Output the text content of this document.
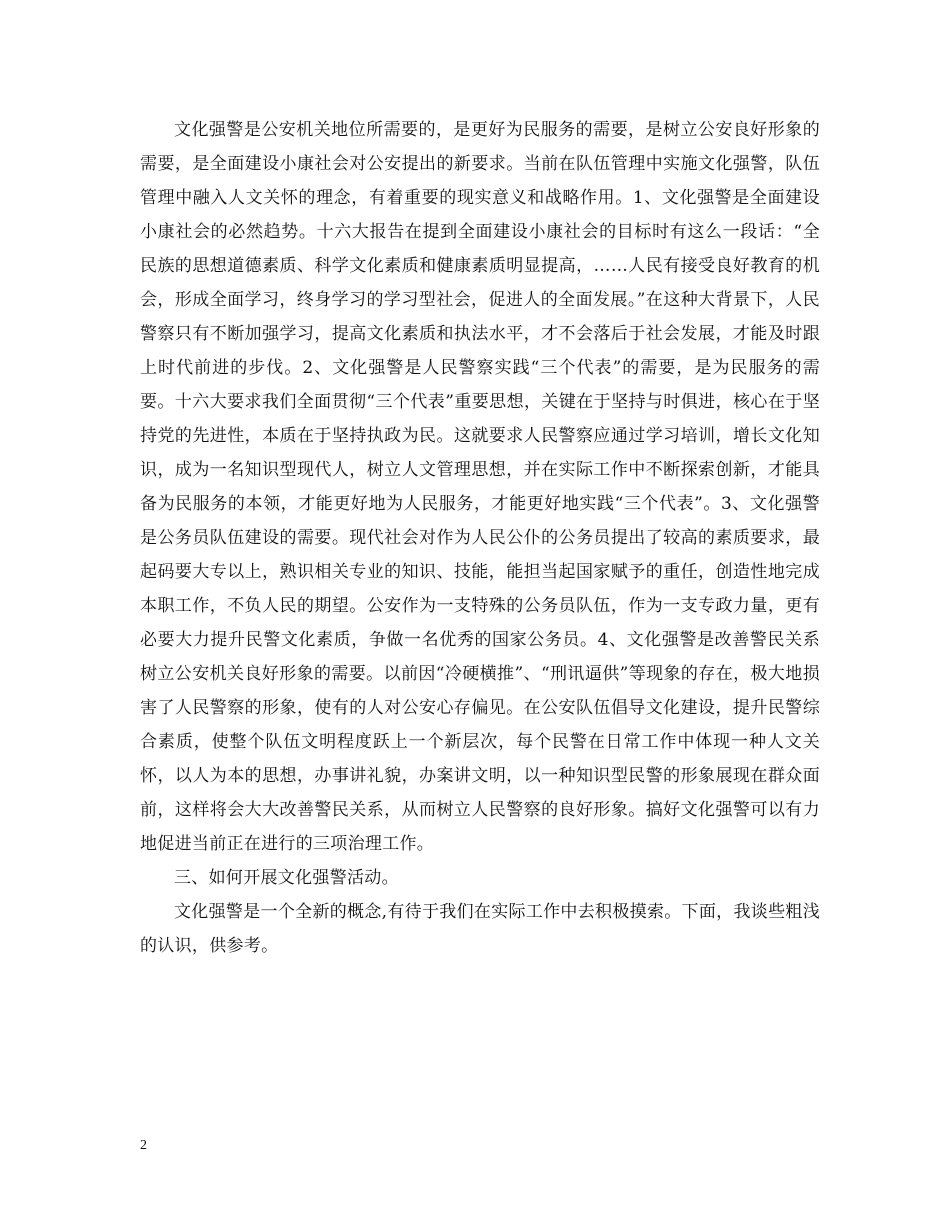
文化强警是公安机关地位所需要的，是更好为民服务的需要，是树立公安良好形象的需要，是全面建设小康社会对公安提出的新要求。当前在队伍管理中实施文化强警，队伍管理中融入人文关怀的理念，有着重要的现实意义和战略作用。1、文化强警是全面建设小康社会的必然趋势。十六大报告在提到全面建设小康社会的目标时有这么一段话：“全民族的思想道德素质、科学文化素质和健康素质明显提高，……人民有接受良好教育的机会，形成全面学习，终身学习的学习型社会，促进人的全面发展。”在这种大背景下，人民警察只有不断加强学习，提高文化素质和执法水平，才不会落后于社会发展，才能及时跟上时代前进的步伐。2、文化强警是人民警察实践“三个代表”的需要，是为民服务的需要。十六大要求我们全面贯彻“三个代表”重要思想，关键在于坚持与时俱进，核心在于坚持党的先进性，本质在于坚持执政为民。这就要求人民警察应通过学习培训，增长文化知识，成为一名知识型现代人，树立人文管理思想，并在实际工作中不断探索创新，才能具备为民服务的本领，才能更好地为人民服务，才能更好地实践“三个代表”。3、文化强警是公务员队伍建设的需要。现代社会对作为人民公仆的公务员提出了较高的素质要求，最起码要大专以上，熟识相关专业的知识、技能，能担当起国家赋予的重任，创造性地完成本职工作，不负人民的期望。公安作为一支特殊的公务员队伍，作为一支专政力量，更有必要大力提升民警文化素质，争做一名优秀的国家公务员。4、文化强警是改善警民关系树立公安机关良好形象的需要。以前因“冷硬横推”、“刑讯逼供”等现象的存在，极大地损害了人民警察的形象，使有的人对公安心存偏见。在公安队伍倡导文化建设，提升民警综合素质，使整个队伍文明程度跃上一个新层次，每个民警在日常工作中体现一种人文关怀，以人为本的思想，办事讲礼貌，办案讲文明，以一种知识型民警的形象展现在群众面前，这样将会大大改善警民关系，从而树立人民警察的良好形象。搞好文化强警可以有力地促进当前正在进行的三项治理工作。

三、如何开展文化强警活动。

文化强警是一个全新的概念,有待于我们在实际工作中去积极摸索。下面，我谈些粗浅的认识，供参考。

2
